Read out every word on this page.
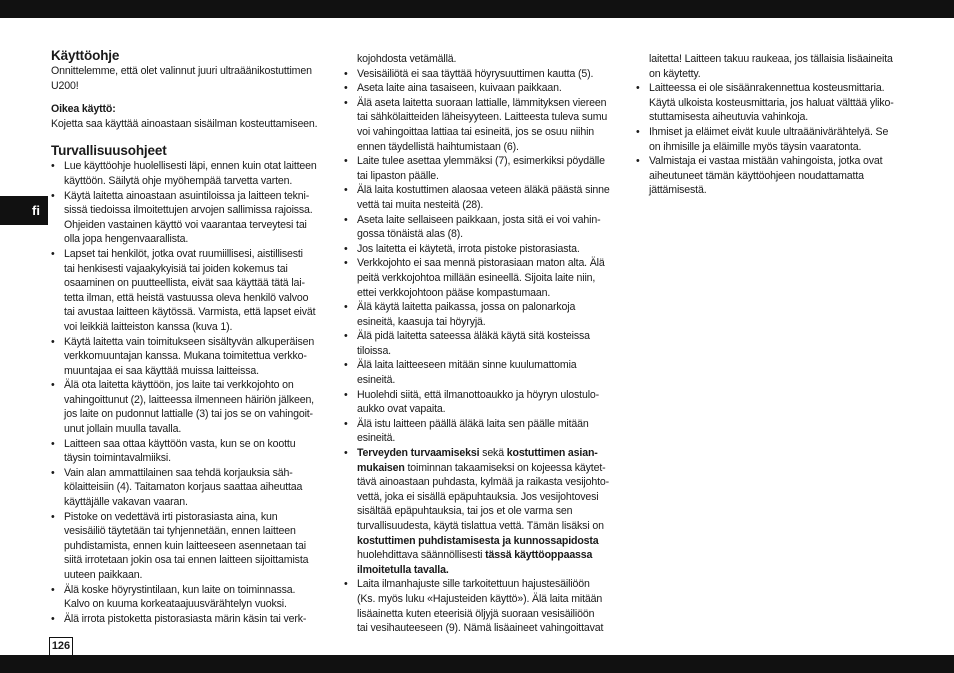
fi
Käyttöohje

Onnittelemme, että olet valinnut juuri ultraäänikostuttimen

U200!

Oikea käyttö:

Kojetta saa käyttää ainoastaan sisäilman kosteuttamiseen.

Turvallisuusohjeet
• Lue käyttöohje huolellisesti läpi, ennen kuin otat laitteen
käyttöön. Säilytä ohje myöhempää tarvetta varten.
• Käytä laitetta ainoastaan asuintiloissa ja laitteen tekni-
sissä tiedoissa ilmoitettujen arvojen sallimissa rajoissa.
Ohjeiden vastainen käyttö voi vaarantaa terveytesi tai
olla jopa hengenvaarallista.
• Lapset tai henkilöt, jotka ovat ruumiillisesi, aistillisesti
tai henkisesti vajaakykyisiä tai joiden kokemus tai
osaaminen on puutteellista, eivät saa käyttää tätä lai-
tetta ilman, että heistä vastuussa oleva henkilö valvoo
tai avustaa laitteen käytössä. Varmista, että lapset eivät
voi leikkiä laitteiston kanssa (kuva 1).
• Käytä laitetta vain toimitukseen sisältyvän alkuperäisen
verkkomuuntajan kanssa. Mukana toimitettua verkko-
muuntajaa ei saa käyttää muissa laitteissa.
• Älä ota laitetta käyttöön, jos laite tai verkkojohto on
vahingoittunut (2), laitteessa ilmenneen häiriön jälkeen,
jos laite on pudonnut lattialle (3) tai jos se on vahingoit-
unut jollain muulla tavalla.
• Laitteen saa ottaa käyttöön vasta, kun se on koottu
täysin toimintavalmiiksi.
• Vain alan ammattilainen saa tehdä korjauksia säh-
kölaitteisiin (4). Taitamaton korjaus saattaa aiheuttaa
käyttäjälle vakavan vaaran.
• Pistoke on vedettävä irti pistorasiasta aina, kun
vesisäiliö täytetään tai tyhjennetään, ennen laitteen
puhdistamista, ennen kuin laitteeseen asennetaan tai
siitä irrotetaan jokin osa tai ennen laitteen sijoittamista
uuteen paikkaan.
• Älä koske höyrystintilaan, kun laite on toiminnassa.
Kalvo on kuuma korkeataajuusvärähtelyn vuoksi.
• Älä irrota pistoketta pistorasiasta märin käsin tai verk-
kojohdosta vetämällä.
• Vesisäiliötä ei saa täyttää höyrysuuttimen kautta (5).
• Aseta laite aina tasaiseen, kuivaan paikkaan.
• Älä aseta laitetta suoraan lattialle, lämmityksen viereen
tai sähkölaitteiden läheisyyteen. Laitteesta tuleva sumu
voi vahingoittaa lattiaa tai esineitä, jos se osuu niihin
ennen täydellistä haihtumistaan (6).
• Laite tulee asettaa ylemmäksi (7), esimerkiksi pöydälle
tai lipaston päälle.
• Älä laita kostuttimen alaosaa veteen äläkä päästä sinne
vettä tai muita nesteitä (28).
• Aseta laite sellaiseen paikkaan, josta sitä ei voi vahin-
gossa tönäistä alas (8).
• Jos laitetta ei käytetä, irrota pistoke pistorasiasta.
• Verkkojohto ei saa mennä pistorasiaan maton alta. Älä
peitä verkkojohtoa millään esineellä. Sijoita laite niin,
ettei verkkojohtoon pääse kompastumaan.
• Älä käytä laitetta paikassa, jossa on palonarkoja
esineitä, kaasuja tai höyryjä.
• Älä pidä laitetta sateessa äläkä käytä sitä kosteissa
tiloissa.
• Älä laita laitteeseen mitään sinne kuulumattomia
esineitä.
• Huolehdi siitä, että ilmanottoaukko ja höyryn ulostulo-
aukko ovat vapaita.
• Älä istu laitteen päällä äläkä laita sen päälle mitään
esineitä.
• Terveyden turvaamiseksi sekä kostuttimen asian-
mukaisen toiminnan takaamiseksi on kojeessa käytet-
tävä ainoastaan puhdasta, kylmää ja raikasta vesijohto-
vettä, joka ei sisällä epäpuhtauksia. Jos vesijohtovesi
sisältää epäpuhtauksia, tai jos et ole varma sen
turvallisuudesta, käytä tislattua vettä. Tämän lisäksi on
kostuttimen puhdistamisesta ja kunnossapidosta
huolehdittava säännöllisesti tässä käyttöoppaassa
ilmoitetulla tavalla.
• Laita ilmanhajuste sille tarkoitettuun hajustesäiliöön
(Ks. myös luku «Hajusteiden käyttö»). Älä laita mitään
lisäainetta kuten eteerisiä öljyjä suoraan vesisäiliöön
tai vesihauteeseen (9). Nämä lisäaineet vahingoittavat
laitetta! Laitteen takuu raukeaa, jos tällaisia lisäaineita
on käytetty.
• Laitteessa ei ole sisäänrakennettua kosteusmittaria.
Käytä ulkoista kosteusmittaria, jos haluat välttää yliko-
stuttamisesta aiheutuvia vahinkoja.
• Ihmiset ja eläimet eivät kuule ultraäänivärähtelyä. Se
on ihmisille ja eläimille myös täysin vaaratonta.
• Valmistaja ei vastaa mistään vahingoista, jotka ovat
aiheutuneet tämän käyttöohjeen noudattamatta
jättämisestä.
126
